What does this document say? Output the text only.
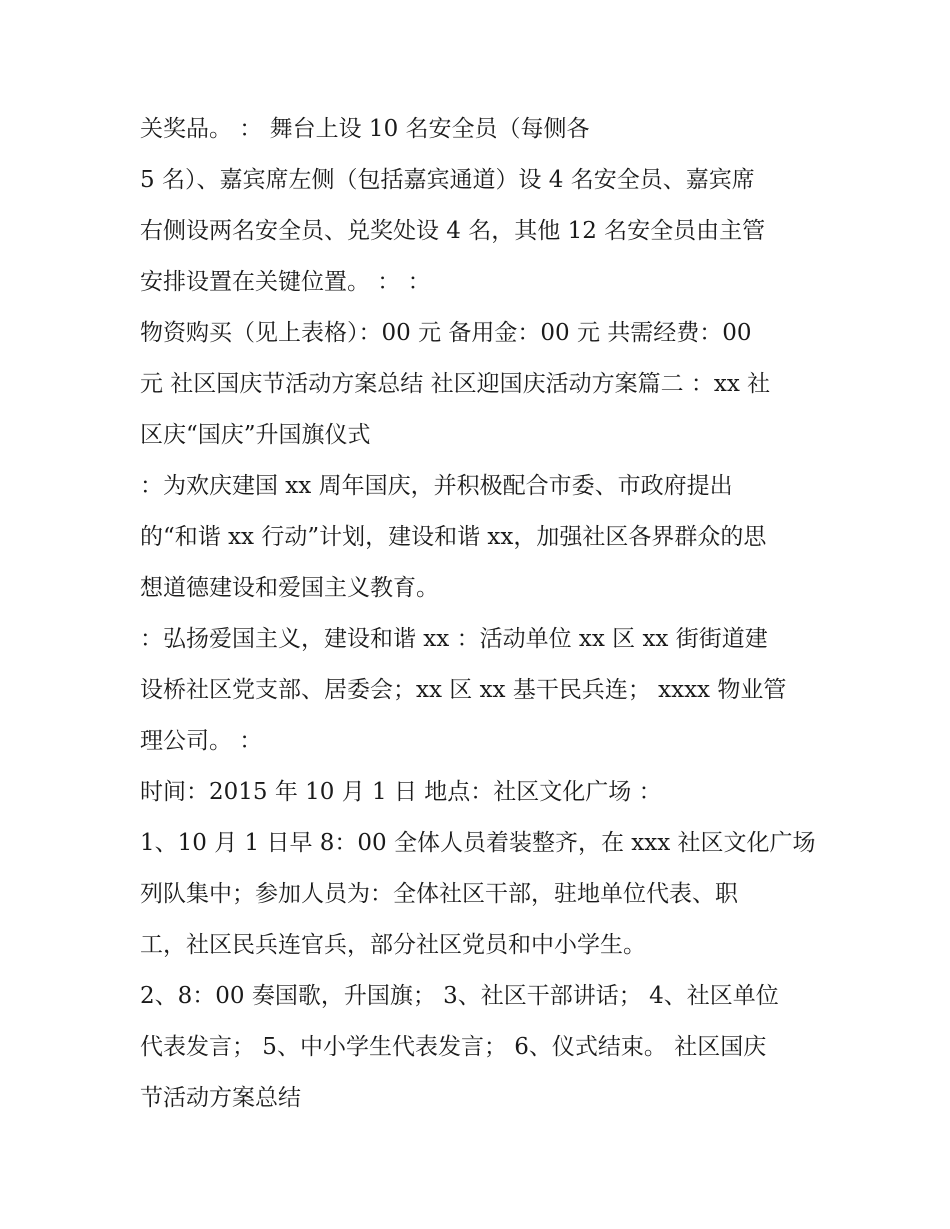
关奖品。 ： 舞台上设 10 名安全员（每侧各

5 名）、嘉宾席左侧（包括嘉宾通道）设 4 名安全员、嘉宾席

右侧设两名安全员、兑奖处设 4 名，其他 12 名安全员由主管

安排设置在关键位置。 ： ：

物资购买（见上表格）：00 元 备用金：00 元 共需经费：00

元 社区国庆节活动方案总结 社区迎国庆活动方案篇二 ：xx 社

区庆“国庆”升国旗仪式

：为欢庆建国 xx 周年国庆，并积极配合市委、市政府提出

的“和谐 xx 行动”计划，建设和谐 xx，加强社区各界群众的思

想道德建设和爱国主义教育。

：弘扬爱国主义，建设和谐 xx ：活动单位 xx 区 xx 街街道建

设桥社区党支部、居委会；xx 区 xx 基干民兵连； xxxx 物业管

理公司。 ：

时间：2015 年 10 月 1 日 地点：社区文化广场 ：

1、10 月 1 日早 8：00 全体人员着装整齐，在 xxx 社区文化广场

列队集中；参加人员为：全体社区干部，驻地单位代表、职

工，社区民兵连官兵，部分社区党员和中小学生。

2、8：00 奏国歌，升国旗； 3、社区干部讲话； 4、社区单位

代表发言； 5、中小学生代表发言； 6、仪式结束。 社区国庆

节活动方案总结
